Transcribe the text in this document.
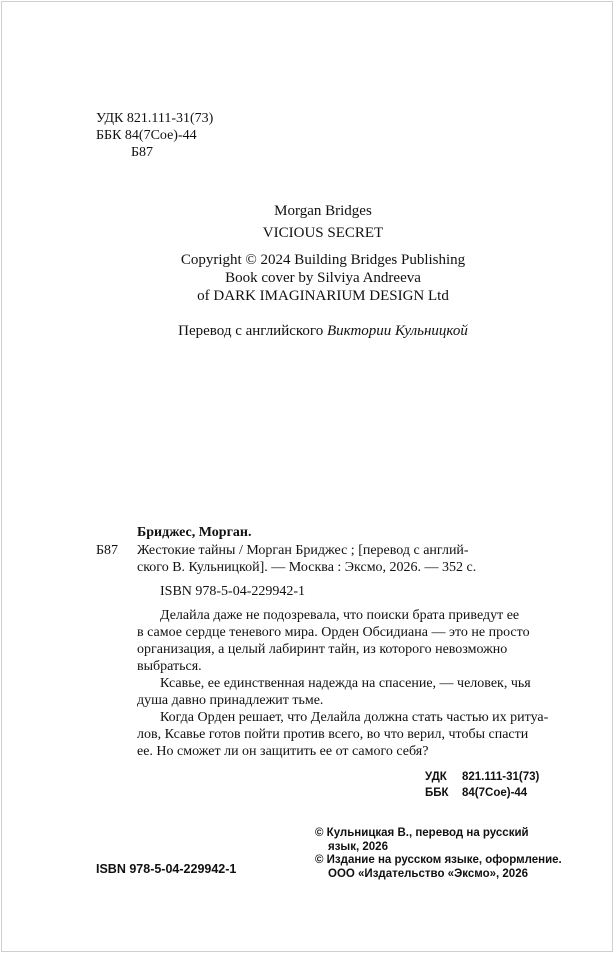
УДК 821.111-31(73)
ББК 84(7Сое)-44
Б87
Morgan Bridges
VICIOUS SECRET
Copyright © 2024 Building Bridges Publishing
Book cover by Silviya Andreeva
of DARK IMAGINARIUM DESIGN Ltd
Перевод с английского Виктории Кульницкой
Бриджес, Морган.
Б87 Жестокие тайны / Морган Бриджес ; [перевод с англий-
ского В. Кульницкой]. — Москва : Эксмо, 2026. — 352 с.
ISBN 978-5-04-229942-1
Делайла даже не подозревала, что поиски брата приведут ее
в самое сердце теневого мира. Орден Обсидиана — это не просто
организация, а целый лабиринт тайн, из которого невозможно
выбраться.
Ксавье, ее единственная надежда на спасение, — человек, чья
душа давно принадлежит тьме.
Когда Орден решает, что Делайла должна стать частью их ритуа-
лов, Ксавье готов пойти против всего, во что верил, чтобы спасти
ее. Но сможет ли он защитить ее от самого себя?
УДК 821.111-31(73)
ББК 84(7Сое)-44
ISBN 978-5-04-229942-1
© Кульницкая В., перевод на русский
язык, 2026
© Издание на русском языке, оформление.
ООО «Издательство «Эксмо», 2026
